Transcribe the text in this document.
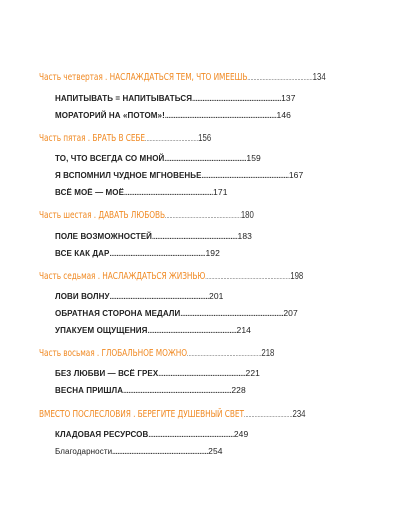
Часть четвертая . НАСЛАЖДАТЬСЯ ТЕМ, ЧТО ИМЕЕШЬ ........................................... 134
НАПИТЫВАТЬ = НАПИТЫВАТЬСЯ ................................................... 137
МОРАТОРИЙ НА «ПОТОМ»! ................................................................ 146
Часть пятая . БРАТЬ В СЕБЕ ................................... 156
ТО, ЧТО ВСЕГДА СО МНОЙ ............................................... 159
Я ВСПОМНИЛ ЧУДНОЕ МГНОВЕНЬЕ .................................................. 167
ВСЁ МОЁ — МОЁ ................................................... 171
Часть шестая . ДАВАТЬ ЛЮБОВЬ .................................................. 180
ПОЛЕ ВОЗМОЖНОСТЕЙ ................................................. 183
ВСЕ КАК ДАР ....................................................... 192
Часть седьмая . НАСЛАЖДАТЬСЯ ЖИЗНЬЮ ........................................................ 198
ЛОВИ ВОЛНУ ......................................................... 201
ОБРАТНАЯ СТОРОНА МЕДАЛИ ........................................................... 207
УПАКУЕМ ОЩУЩЕНИЯ ................................................... 214
Часть восьмая . ГЛОБАЛЬНОЕ МОЖНО ................................................. 218
БЕЗ ЛЮБВИ — ВСЁ ГРЕХ .................................................. 221
ВЕСНА ПРИШЛА .............................................................. 228
ВМЕСТО ПОСЛЕСЛОВИЯ . БЕРЕГИТЕ ДУШЕВНЫЙ СВЕТ ................................ 234
КЛАДОВАЯ РЕСУРСОВ ................................................. 249
Благодарности ....................................................... 254
